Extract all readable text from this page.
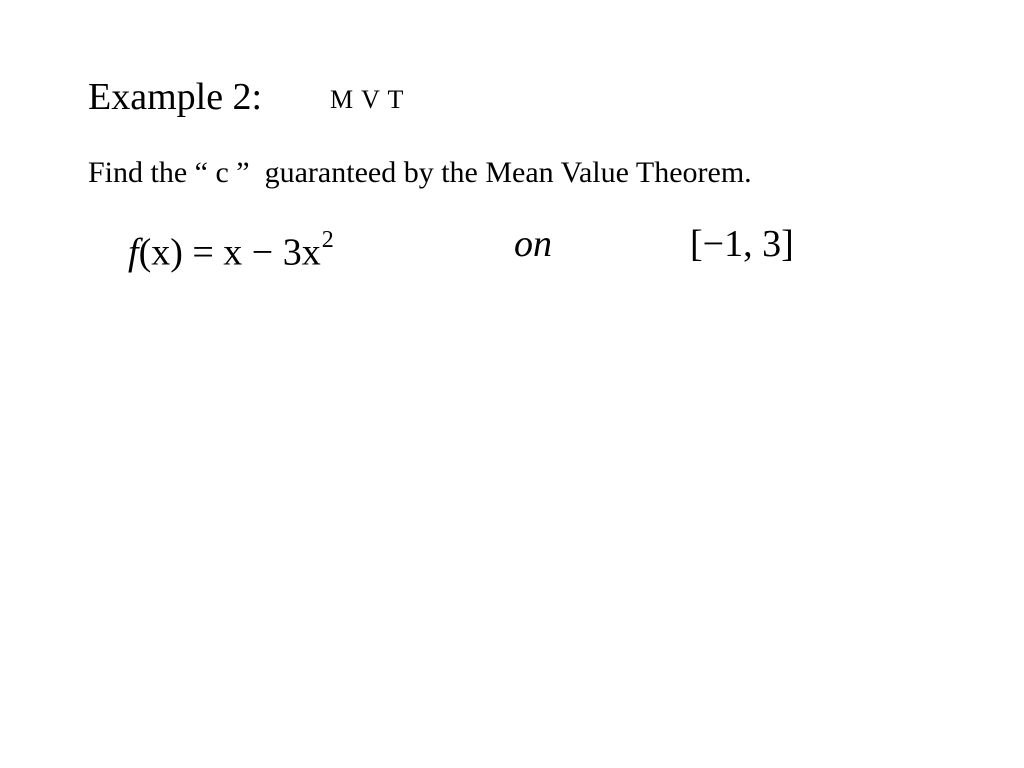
Example 2:	M V T
Find the “ c ”  guaranteed by the Mean Value Theorem.
$f(x) = x - 3x^2$	on	[−1, 3]
